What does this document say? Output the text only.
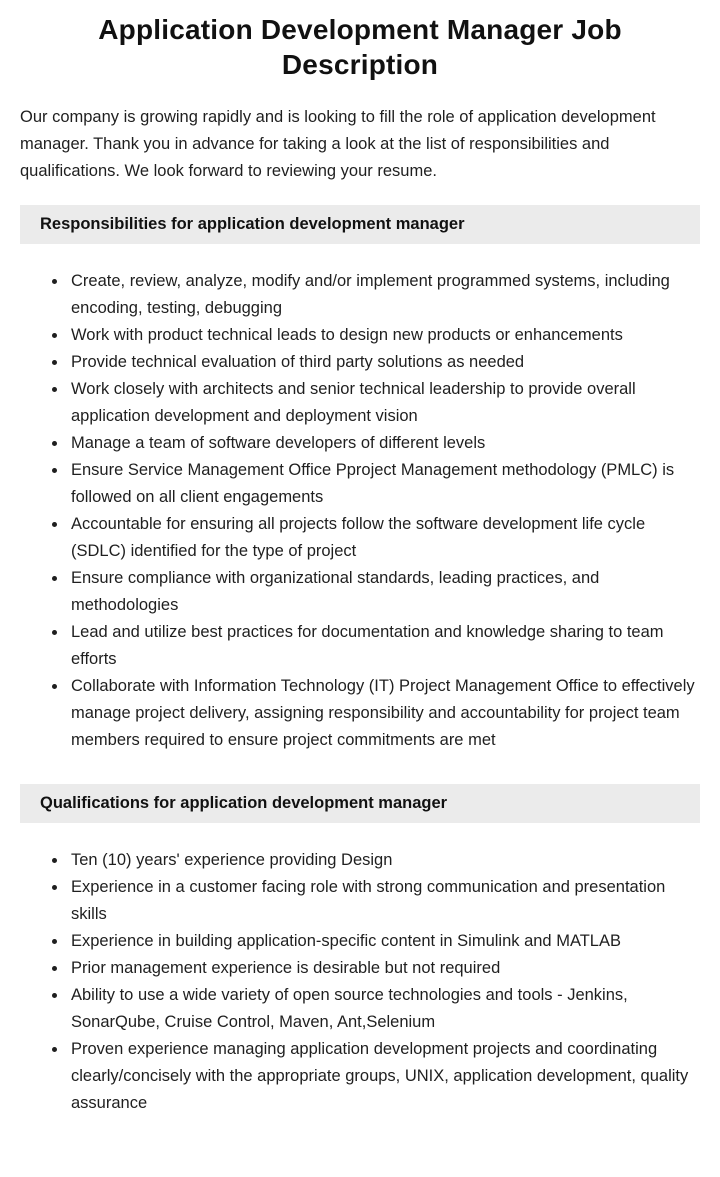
Application Development Manager Job Description

Our company is growing rapidly and is looking to fill the role of application development manager. Thank you in advance for taking a look at the list of responsibilities and qualifications. We look forward to reviewing your resume.

Responsibilities for application development manager
• Create, review, analyze, modify and/or implement programmed systems, including encoding, testing, debugging
• Work with product technical leads to design new products or enhancements
• Provide technical evaluation of third party solutions as needed
• Work closely with architects and senior technical leadership to provide overall application development and deployment vision
• Manage a team of software developers of different levels
• Ensure Service Management Office Pproject Management methodology (PMLC) is followed on all client engagements
• Accountable for ensuring all projects follow the software development life cycle (SDLC) identified for the type of project
• Ensure compliance with organizational standards, leading practices, and methodologies
• Lead and utilize best practices for documentation and knowledge sharing to team efforts
• Collaborate with Information Technology (IT) Project Management Office to effectively manage project delivery, assigning responsibility and accountability for project team members required to ensure project commitments are met
Qualifications for application development manager
• Ten (10) years' experience providing Design
• Experience in a customer facing role with strong communication and presentation skills
• Experience in building application-specific content in Simulink and MATLAB
• Prior management experience is desirable but not required
• Ability to use a wide variety of open source technologies and tools - Jenkins, SonarQube, Cruise Control, Maven, Ant,Selenium
• Proven experience managing application development projects and coordinating clearly/concisely with the appropriate groups, UNIX, application development, quality assurance
